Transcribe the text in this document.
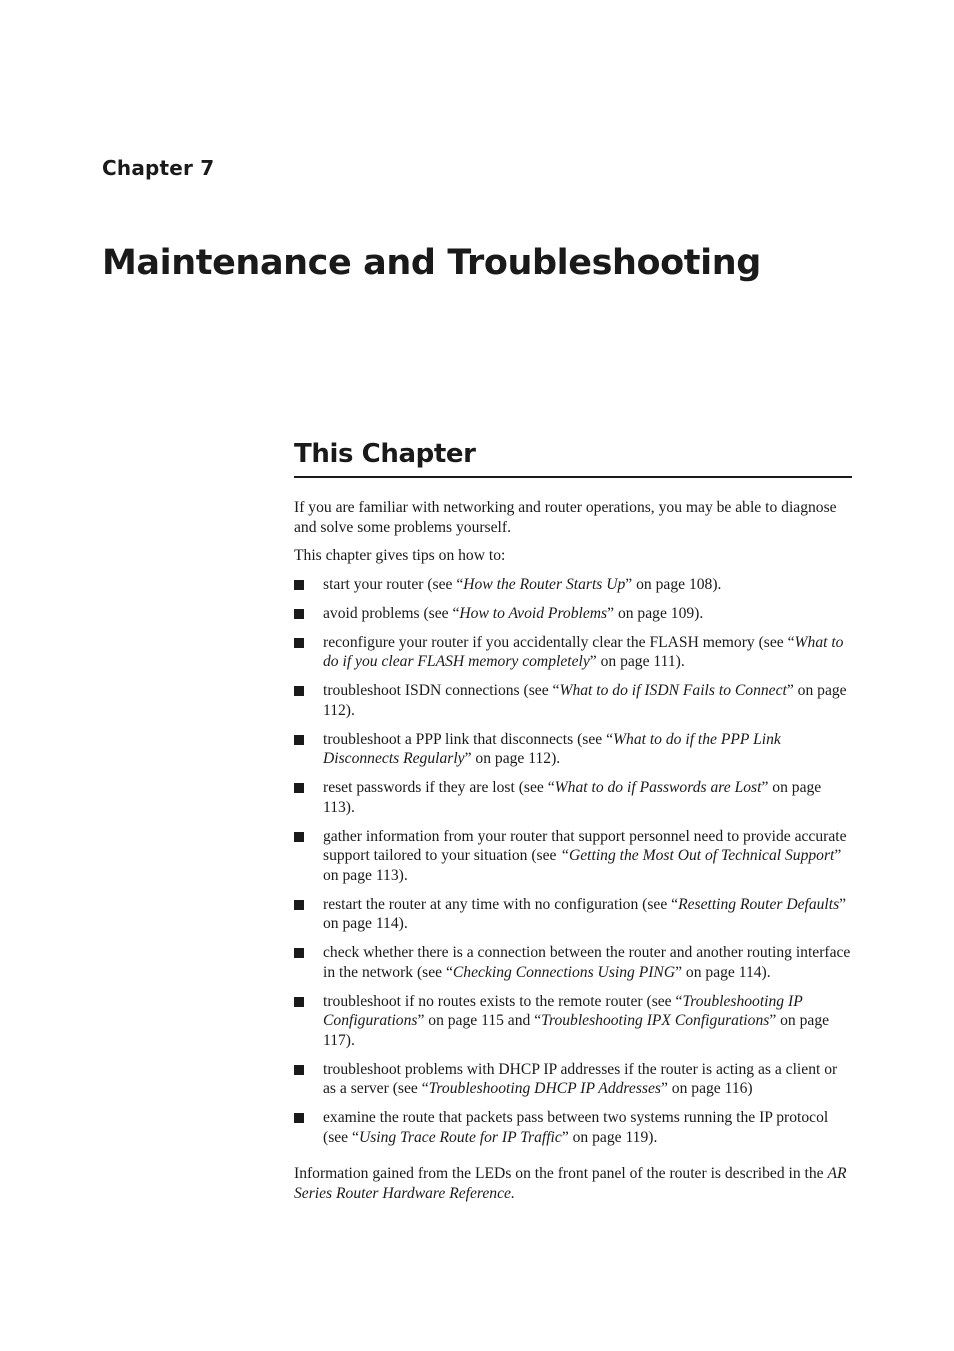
Chapter 7
Maintenance and Troubleshooting
This Chapter

If you are familiar with networking and router operations, you may be able to diagnose and solve some problems yourself.

This chapter gives tips on how to:

start your router (see “How the Router Starts Up” on page 108).
avoid problems (see “How to Avoid Problems” on page 109).
reconfigure your router if you accidentally clear the FLASH memory (see “What to do if you clear FLASH memory completely” on page 111).
troubleshoot ISDN connections (see “What to do if ISDN Fails to Connect” on page 112).
troubleshoot a PPP link that disconnects (see “What to do if the PPP Link Disconnects Regularly” on page 112).
reset passwords if they are lost (see “What to do if Passwords are Lost” on page 113).
gather information from your router that support personnel need to provide accurate support tailored to your situation (see “Getting the Most Out of Technical Support” on page 113).
restart the router at any time with no configuration (see “Resetting Router Defaults” on page 114).
check whether there is a connection between the router and another routing interface in the network (see “Checking Connections Using PING” on page 114).
troubleshoot if no routes exists to the remote router (see “Troubleshooting IP Configurations” on page 115 and “Troubleshooting IPX Configurations” on page 117).
troubleshoot problems with DHCP IP addresses if the router is acting as a client or as a server (see “Troubleshooting DHCP IP Addresses” on page 116)
examine the route that packets pass between two systems running the IP protocol (see “Using Trace Route for IP Traffic” on page 119).

Information gained from the LEDs on the front panel of the router is described in the AR Series Router Hardware Reference.
